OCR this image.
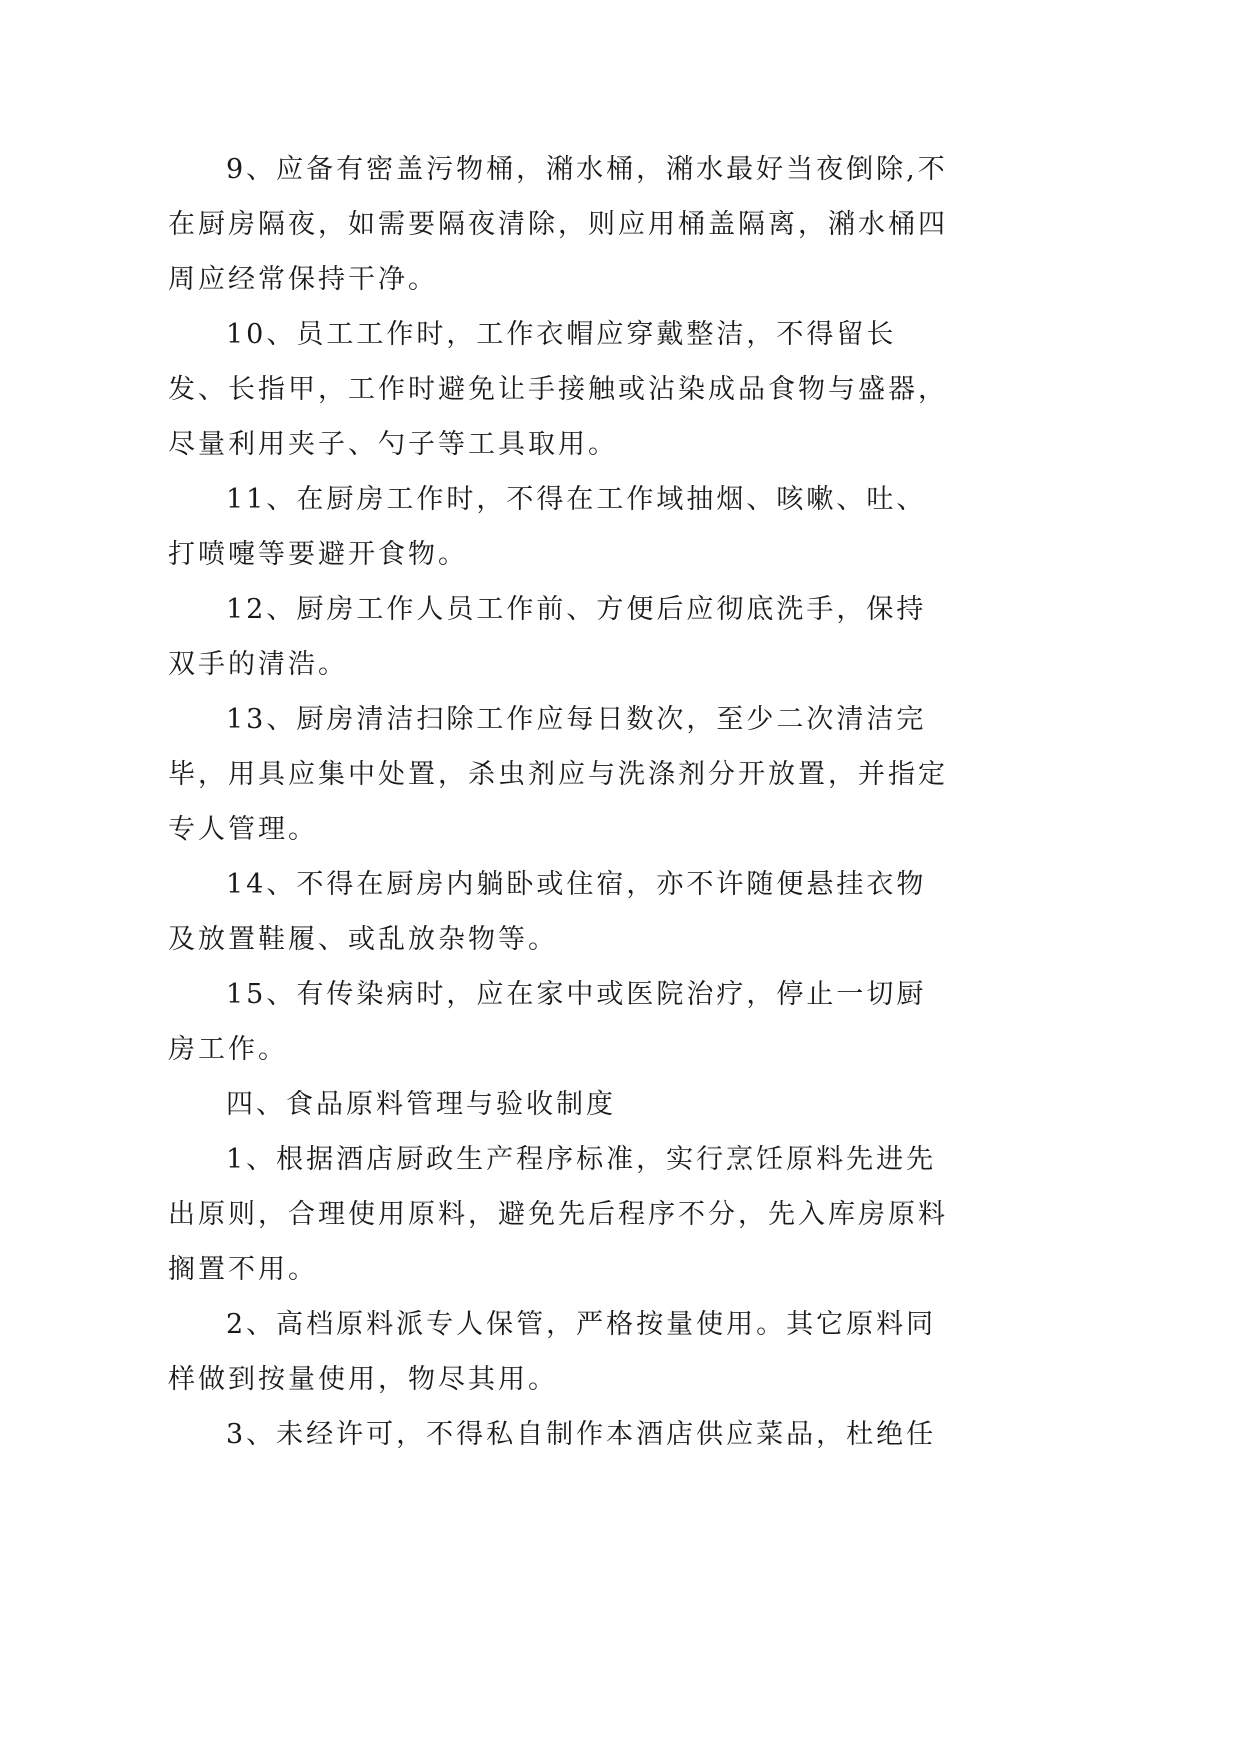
9、应备有密盖污物桶，潲水桶，潲水最好当夜倒除,不在厨房隔夜，如需要隔夜清除，则应用桶盖隔离，潲水桶四周应经常保持干净。

10、员工工作时，工作衣帽应穿戴整洁，不得留长发、长指甲，工作时避免让手接触或沾染成品食物与盛器，尽量利用夹子、勺子等工具取用。

11、在厨房工作时，不得在工作域抽烟、咳嗽、吐、打喷嚏等要避开食物。

12、厨房工作人员工作前、方便后应彻底洗手，保持双手的清浩。

13、厨房清洁扫除工作应每日数次，至少二次清洁完毕，用具应集中处置，杀虫剂应与洗涤剂分开放置，并指定专人管理。

14、不得在厨房内躺卧或住宿，亦不许随便悬挂衣物及放置鞋履、或乱放杂物等。

15、有传染病时，应在家中或医院治疗，停止一切厨房工作。

四、食品原料管理与验收制度

1、根据酒店厨政生产程序标准，实行烹饪原料先进先出原则，合理使用原料，避免先后程序不分，先入库房原料搁置不用。

2、高档原料派专人保管，严格按量使用。其它原料同样做到按量使用，物尽其用。

3、未经许可，不得私自制作本酒店供应菜品，杜绝任
